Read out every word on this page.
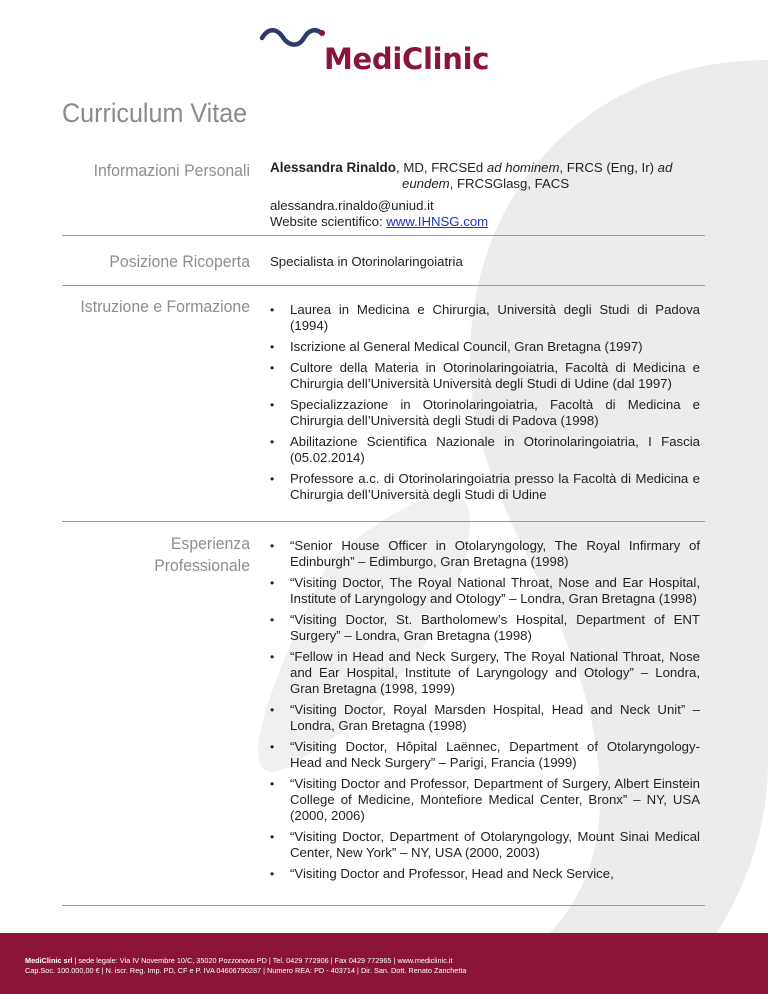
MediClinic
Curriculum Vitae
Informazioni Personali Alessandra Rinaldo, MD, FRCSEd ad hominem, FRCS (Eng, Ir) ad
eundem, FRCSGlasg, FACS
alessandra.rinaldo@uniud.it
Website scientifico: www.IHNSG.com
Posizione Ricoperta Specialista in Otorinolaringoiatria
Istruzione e Formazione
•	Laurea in Medicina e Chirurgia, Università degli Studi di Padova (1994)
• Iscrizione al General Medical Council, Gran Bretagna (1997)
• Cultore della Materia in Otorinolaringoiatria, Facoltà di Medicina e Chirurgia dell’Università Università degli Studi di Udine (dal 1997)
• Specializzazione in Otorinolaringoiatria, Facoltà di Medicina e Chirurgia dell’Università degli Studi di Padova (1998)
• Abilitazione Scientifica Nazionale in Otorinolaringoiatria, I Fascia (05.02.2014)
• Professore a.c. di Otorinolaringoiatria presso la Facoltà di Medicina e Chirurgia dell’Università degli Studi di Udine
Esperienza
Professionale
• “Senior House Officer in Otolaryngology, The Royal Infirmary of Edinburgh” – Edimburgo, Gran Bretagna (1998)
• “Visiting Doctor, The Royal National Throat, Nose and Ear Hospital, Institute of Laryngology and Otology” – Londra, Gran Bretagna (1998)
• “Visiting Doctor, St. Bartholomew’s Hospital, Department of ENT Surgery” – Londra, Gran Bretagna (1998)
• “Fellow in Head and Neck Surgery, The Royal National Throat, Nose and Ear Hospital, Institute of Laryngology and Otology” – Londra, Gran Bretagna (1998, 1999)
• “Visiting Doctor, Royal Marsden Hospital, Head and Neck Unit” – Londra, Gran Bretagna (1998)
• “Visiting Doctor, Hôpital Laënnec, Department of Otolaryngology-Head and Neck Surgery” – Parigi, Francia (1999)
• “Visiting Doctor and Professor, Department of Surgery, Albert Einstein College of Medicine, Montefiore Medical Center, Bronx” – NY, USA (2000, 2006)
• “Visiting Doctor, Department of Otolaryngology, Mount Sinai Medical Center, New York” – NY, USA (2000, 2003)
• “Visiting Doctor and Professor, Head and Neck Service,
MediClinic srl | sede legale: Via IV Novembre 10/C, 35020 Pozzonovo PD | Tel. 0429 772906 | Fax 0429 772965 | www.mediclinic.it
Cap.Soc. 100.000,00 € | N. iscr. Reg. Imp. PD, CF e P. IVA 04606790287 | Numero REA: PD - 403714 | Dir. San. Dott. Renato Zanchetta
